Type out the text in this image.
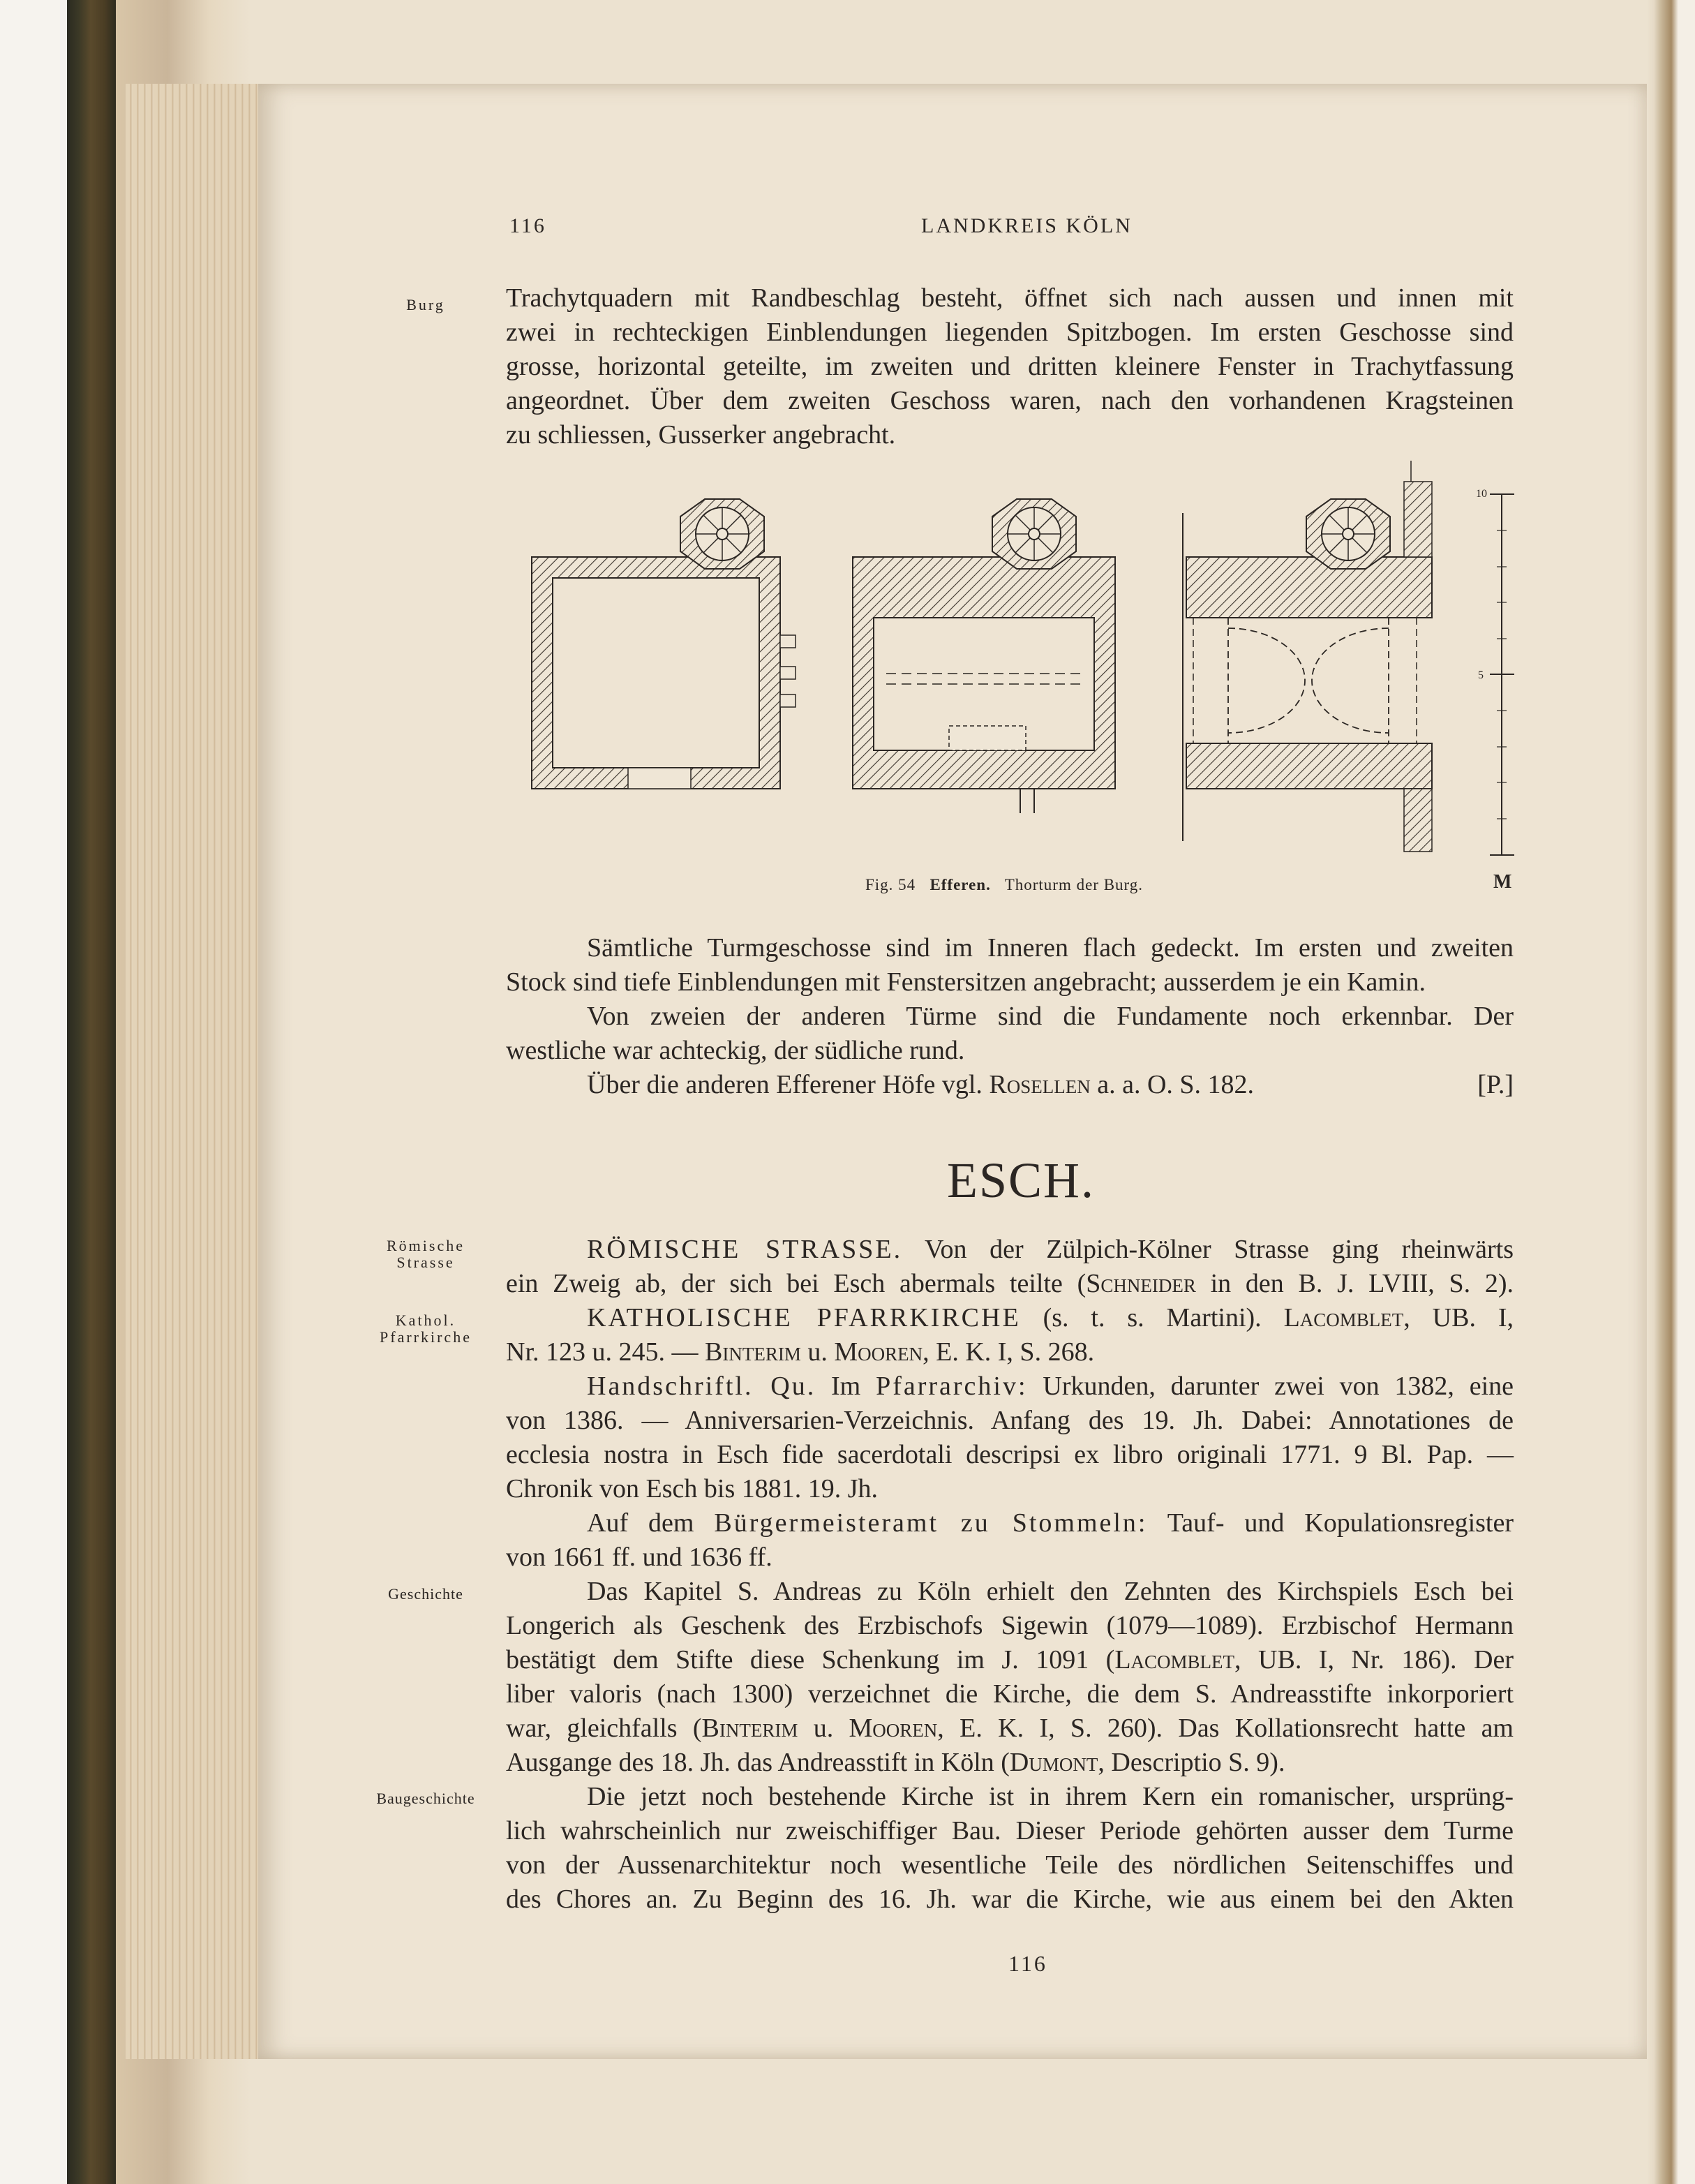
116	LANDKREIS KÖLN
Burg	Trachytquadern mit Randbeschlag besteht, öffnet sich nach aussen und innen mit

zwei in rechteckigen Einblendungen liegenden Spitzbogen. Im ersten Geschosse sind

grosse, horizontal geteilte, im zweiten und dritten kleinere Fenster in Trachytfassung

angeordnet. Über dem zweiten Geschoss waren, nach den vorhandenen Kragsteinen

zu schliessen, Gusserker angebracht.

10
5
M
Fig. 54 Efferen. Thorturm der Burg.

Sämtliche Turmgeschosse sind im Inneren flach gedeckt. Im ersten und zweiten

Stock sind tiefe Einblendungen mit Fenstersitzen angebracht; ausserdem je ein Kamin.

Von zweien der anderen Türme sind die Fundamente noch erkennbar. Der

westliche war achteckig, der südliche rund.

Über die anderen Efferener Höfe vgl. Rosellen a. a. O. S. 182.	[P.]

ESCH.
Römische
Strasse
Kathol.
Pfarrkirche
Geschichte
Baugeschichte

RÖMISCHE STRASSE. Von der Zülpich-Kölner Strasse ging rheinwärts

ein Zweig ab, der sich bei Esch abermals teilte (Schneider in den B. J. LVIII, S. 2).

KATHOLISCHE PFARRKIRCHE (s. t. s. Martini). Lacomblet, UB. I,

Nr. 123 u. 245. — Binterim u. Mooren, E. K. I, S. 268.

Handschriftl. Qu. Im Pfarrarchiv: Urkunden, darunter zwei von 1382, eine

von 1386. — Anniversarien-Verzeichnis. Anfang des 19. Jh. Dabei: Annotationes de

ecclesia nostra in Esch fide sacerdotali descripsi ex libro originali 1771. 9 Bl. Pap. —

Chronik von Esch bis 1881. 19. Jh.

Auf dem Bürgermeisteramt zu Stommeln: Tauf- und Kopulationsregister

von 1661 ff. und 1636 ff.

Das Kapitel S. Andreas zu Köln erhielt den Zehnten des Kirchspiels Esch bei

Longerich als Geschenk des Erzbischofs Sigewin (1079—1089). Erzbischof Hermann

bestätigt dem Stifte diese Schenkung im J. 1091 (Lacomblet, UB. I, Nr. 186). Der

liber valoris (nach 1300) verzeichnet die Kirche, die dem S. Andreasstifte inkorporiert

war, gleichfalls (Binterim u. Mooren, E. K. I, S. 260). Das Kollationsrecht hatte am

Ausgange des 18. Jh. das Andreasstift in Köln (Dumont, Descriptio S. 9).

Die jetzt noch bestehende Kirche ist in ihrem Kern ein romanischer, ursprüng-

lich wahrscheinlich nur zweischiffiger Bau. Dieser Periode gehörten ausser dem Turme

von der Aussenarchitektur noch wesentliche Teile des nördlichen Seitenschiffes und

des Chores an. Zu Beginn des 16. Jh. war die Kirche, wie aus einem bei den Akten

116
